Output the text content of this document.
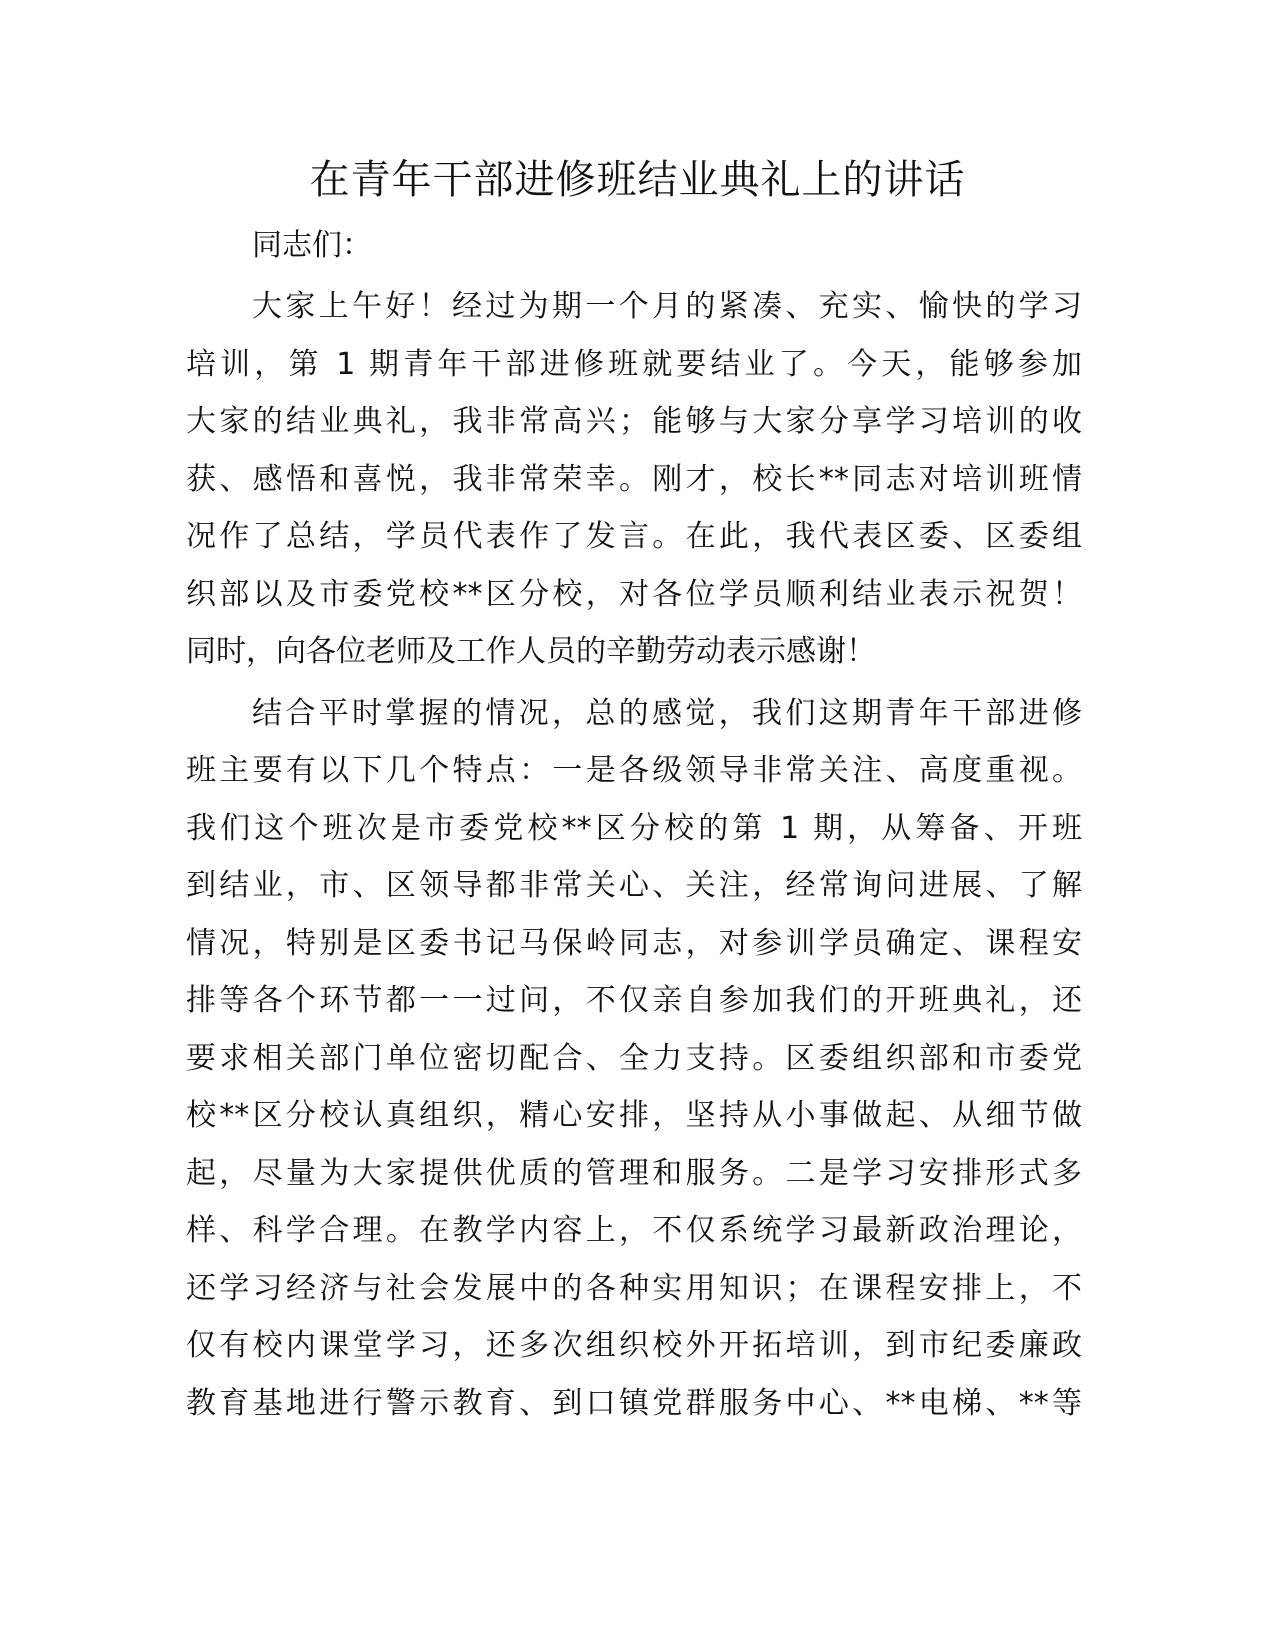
在青年干部进修班结业典礼上的讲话

同志们：

大家上午好！经过为期一个月的紧凑、充实、愉快的学习
培训，第 1 期青年干部进修班就要结业了。今天，能够参加
大家的结业典礼，我非常高兴；能够与大家分享学习培训的收
获、感悟和喜悦，我非常荣幸。刚才，校长**同志对培训班情
况作了总结，学员代表作了发言。在此，我代表区委、区委组
织部以及市委党校**区分校，对各位学员顺利结业表示祝贺！
同时，向各位老师及工作人员的辛勤劳动表示感谢！
结合平时掌握的情况，总的感觉，我们这期青年干部进修
班主要有以下几个特点：一是各级领导非常关注、高度重视。
我们这个班次是市委党校**区分校的第 1 期，从筹备、开班
到结业，市、区领导都非常关心、关注，经常询问进展、了解
情况，特别是区委书记马保岭同志，对参训学员确定、课程安
排等各个环节都一一过问，不仅亲自参加我们的开班典礼，还
要求相关部门单位密切配合、全力支持。区委组织部和市委党
校**区分校认真组织，精心安排，坚持从小事做起、从细节做
起，尽量为大家提供优质的管理和服务。二是学习安排形式多
样、科学合理。在教学内容上，不仅系统学习最新政治理论，
还学习经济与社会发展中的各种实用知识；在课程安排上，不
仅有校内课堂学习，还多次组织校外开拓培训，到市纪委廉政
教育基地进行警示教育、到口镇党群服务中心、**电梯、**等
